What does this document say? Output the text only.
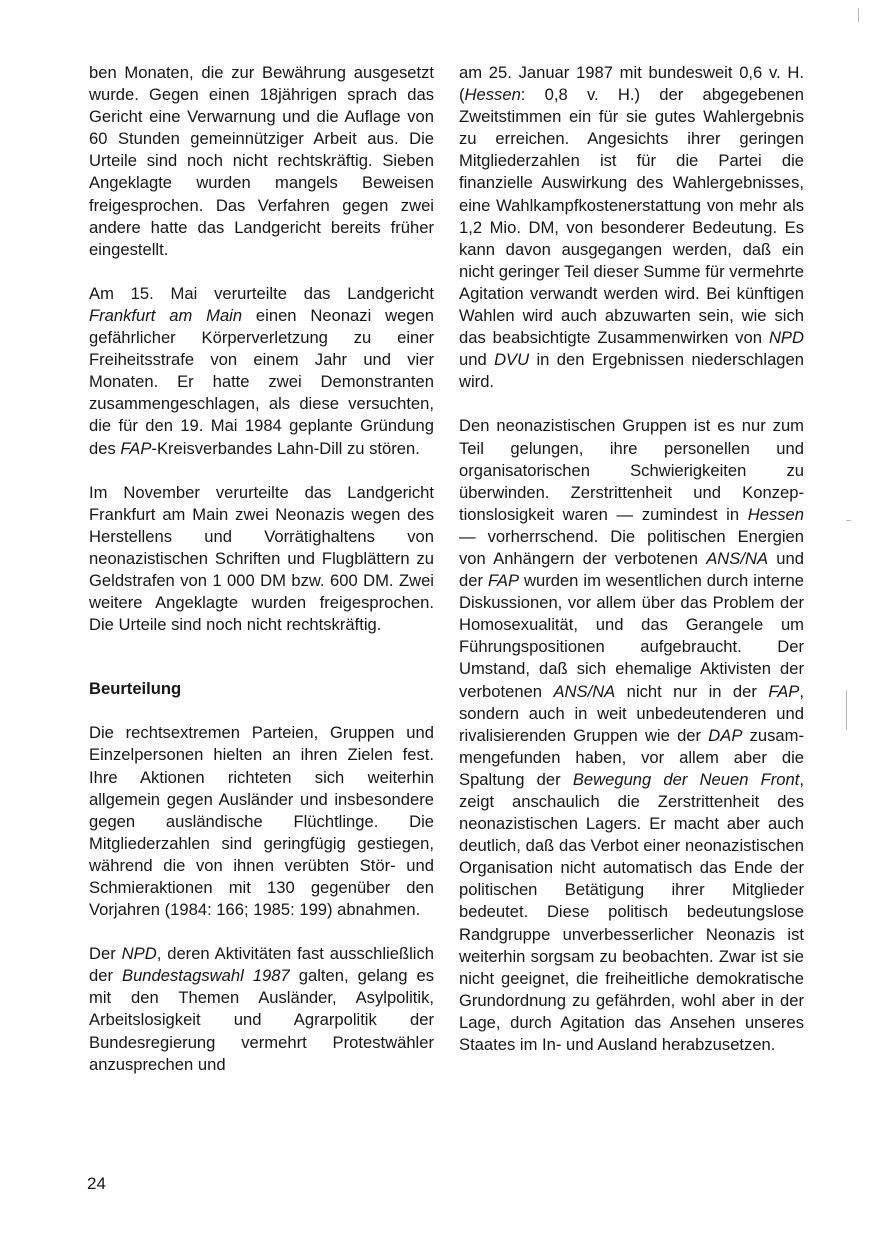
ben Monaten, die zur Bewährung ausgesetzt wurde. Gegen einen 18jährigen sprach das Gericht eine Verwarnung und die Auflage von 60 Stunden gemeinnütziger Arbeit aus. Die Urteile sind noch nicht rechtskräftig. Sieben Angeklagte wurden mangels Beweisen freigesprochen. Das Verfahren gegen zwei andere hatte das Landgericht bereits früher eingestellt.

Am 15. Mai verurteilte das Landgericht Frankfurt am Main einen Neonazi wegen gefährlicher Körperverletzung zu einer Freiheitsstrafe von einem Jahr und vier Monaten. Er hatte zwei Demonstranten zusammengeschlagen, als diese versuchten, die für den 19. Mai 1984 geplante Gründung des FAP-Kreisverbandes Lahn-Dill zu stören.

Im November verurteilte das Landgericht Frankfurt am Main zwei Neonazis wegen des Herstellens und Vorrätighaltens von neonazistischen Schriften und Flugblättern zu Geldstrafen von 1 000 DM bzw. 600 DM. Zwei weitere Angeklagte wurden freigesprochen. Die Urteile sind noch nicht rechtskräftig.

Beurteilung

Die rechtsextremen Parteien, Gruppen und Einzelpersonen hielten an ihren Zielen fest. Ihre Aktionen richteten sich weiterhin allgemein gegen Ausländer und insbesondere gegen ausländische Flüchtlinge. Die Mitgliederzahlen sind geringfügig gestiegen, während die von ihnen verübten Stör- und Schmieraktionen mit 130 gegenüber den Vorjahren (1984: 166; 1985: 199) abnahmen.

Der NPD, deren Aktivitäten fast ausschließlich der Bundestagswahl 1987 galten, gelang es mit den Themen Ausländer, Asylpolitik, Arbeitslosigkeit und Agrarpolitik der Bundesregierung vermehrt Protestwähler anzusprechen und

am 25. Januar 1987 mit bundesweit 0,6 v. H. (Hessen: 0,8 v. H.) der abgegebenen Zweitstimmen ein für sie gutes Wahlergebnis zu erreichen. Angesichts ihrer geringen Mitgliederzahlen ist für die Partei die finanzielle Auswirkung des Wahlergebnisses, eine Wahlkampfkostenerstattung von mehr als 1,2 Mio. DM, von besonderer Bedeutung. Es kann davon ausgegangen werden, daß ein nicht geringer Teil dieser Summe für vermehrte Agitation verwandt werden wird. Bei künftigen Wahlen wird auch abzuwarten sein, wie sich das beabsichtigte Zusammenwirken von NPD und DVU in den Ergebnissen niederschlagen wird.

Den neonazistischen Gruppen ist es nur zum Teil gelungen, ihre personellen und organisatorischen Schwierigkeiten zu überwinden. Zerstrittenheit und Konzeptionslosigkeit waren — zumindest in Hessen — vorherrschend. Die politischen Energien von Anhängern der verbotenen ANS/NA und der FAP wurden im wesentlichen durch interne Diskussionen, vor allem über das Problem der Homosexualität, und das Gerangele um Führungspositionen aufgebraucht. Der Umstand, daß sich ehemalige Aktivisten der verbotenen ANS/NA nicht nur in der FAP, sondern auch in weit unbedeutenderen und rivalisierenden Gruppen wie der DAP zusammengefunden haben, vor allem aber die Spaltung der Bewegung der Neuen Front, zeigt anschaulich die Zerstrittenheit des neonazistischen Lagers. Er macht aber auch deutlich, daß das Verbot einer neonazistischen Organisation nicht automatisch das Ende der politischen Betätigung ihrer Mitglieder bedeutet. Diese politisch bedeutungslose Randgruppe unverbesserlicher Neonazis ist weiterhin sorgsam zu beobachten. Zwar ist sie nicht geeignet, die freiheitliche demokratische Grundordnung zu gefährden, wohl aber in der Lage, durch Agitation das Ansehen unseres Staates im In- und Ausland herabzusetzen.

24
